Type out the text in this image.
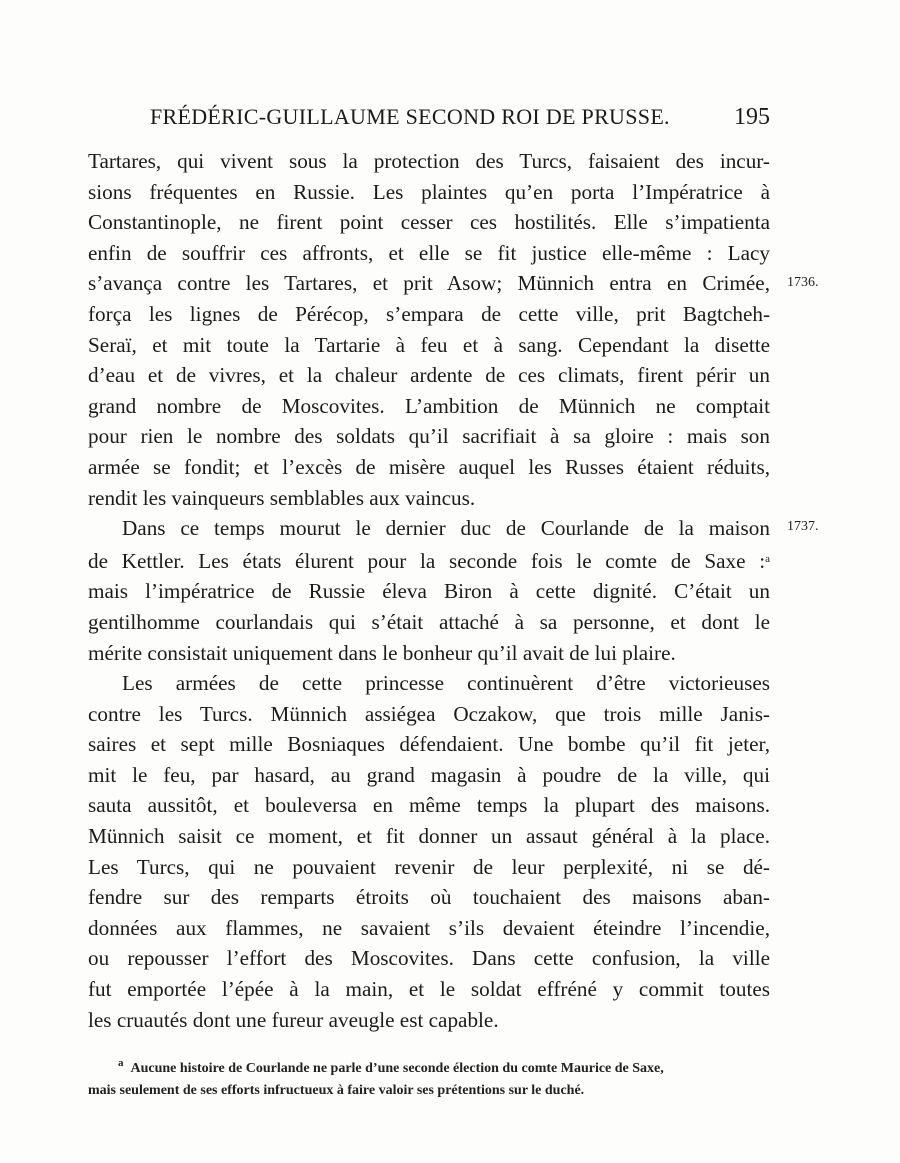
FRÉDÉRIC-GUILLAUME SECOND ROI DE PRUSSE.	195

Tartares, qui vivent sous la protection des Turcs, faisaient des incur-
sions fréquentes en Russie. Les plaintes qu’en porta l’Impératrice à
Constantinople, ne firent point cesser ces hostilités. Elle s’impatienta
enfin de souffrir ces affronts, et elle se fit justice elle-même : Lacy
s’avança contre les Tartares, et prit Asow; Münnich entra en Crimée,
força les lignes de Pérécop, s’empara de cette ville, prit Bagtcheh-
Seraï, et mit toute la Tartarie à feu et à sang. Cependant la disette
d’eau et de vivres, et la chaleur ardente de ces climats, firent périr un
grand nombre de Moscovites. L’ambition de Münnich ne comptait
pour rien le nombre des soldats qu’il sacrifiait à sa gloire : mais son
armée se fondit; et l’excès de misère auquel les Russes étaient réduits,
rendit les vainqueurs semblables aux vaincus.

Dans ce temps mourut le dernier duc de Courlande de la maison
de Kettler. Les états élurent pour la seconde fois le comte de Saxe :$^a$
mais l’impératrice de Russie éleva Biron à cette dignité. C’était un
gentilhomme courlandais qui s’était attaché à sa personne, et dont le
mérite consistait uniquement dans le bonheur qu’il avait de lui plaire.

Les armées de cette princesse continuèrent d’être victorieuses
contre les Turcs. Münnich assiégea Oczakow, que trois mille Janis-
saires et sept mille Bosniaques défendaient. Une bombe qu’il fit jeter,
mit le feu, par hasard, au grand magasin à poudre de la ville, qui
sauta aussitôt, et bouleversa en même temps la plupart des maisons.
Münnich saisit ce moment, et fit donner un assaut général à la place.
Les Turcs, qui ne pouvaient revenir de leur perplexité, ni se dé-
fendre sur des remparts étroits où touchaient des maisons aban-
données aux flammes, ne savaient s’ils devaient éteindre l’incendie,
ou repousser l’effort des Moscovites. Dans cette confusion, la ville
fut emportée l’épée à la main, et le soldat effréné y commit toutes
les cruautés dont une fureur aveugle est capable.

1736.
1737.
$^a$ Aucune histoire de Courlande ne parle d’une seconde élection du comte Maurice de Saxe,
mais seulement de ses efforts infructueux à faire valoir ses prétentions sur le duché.
